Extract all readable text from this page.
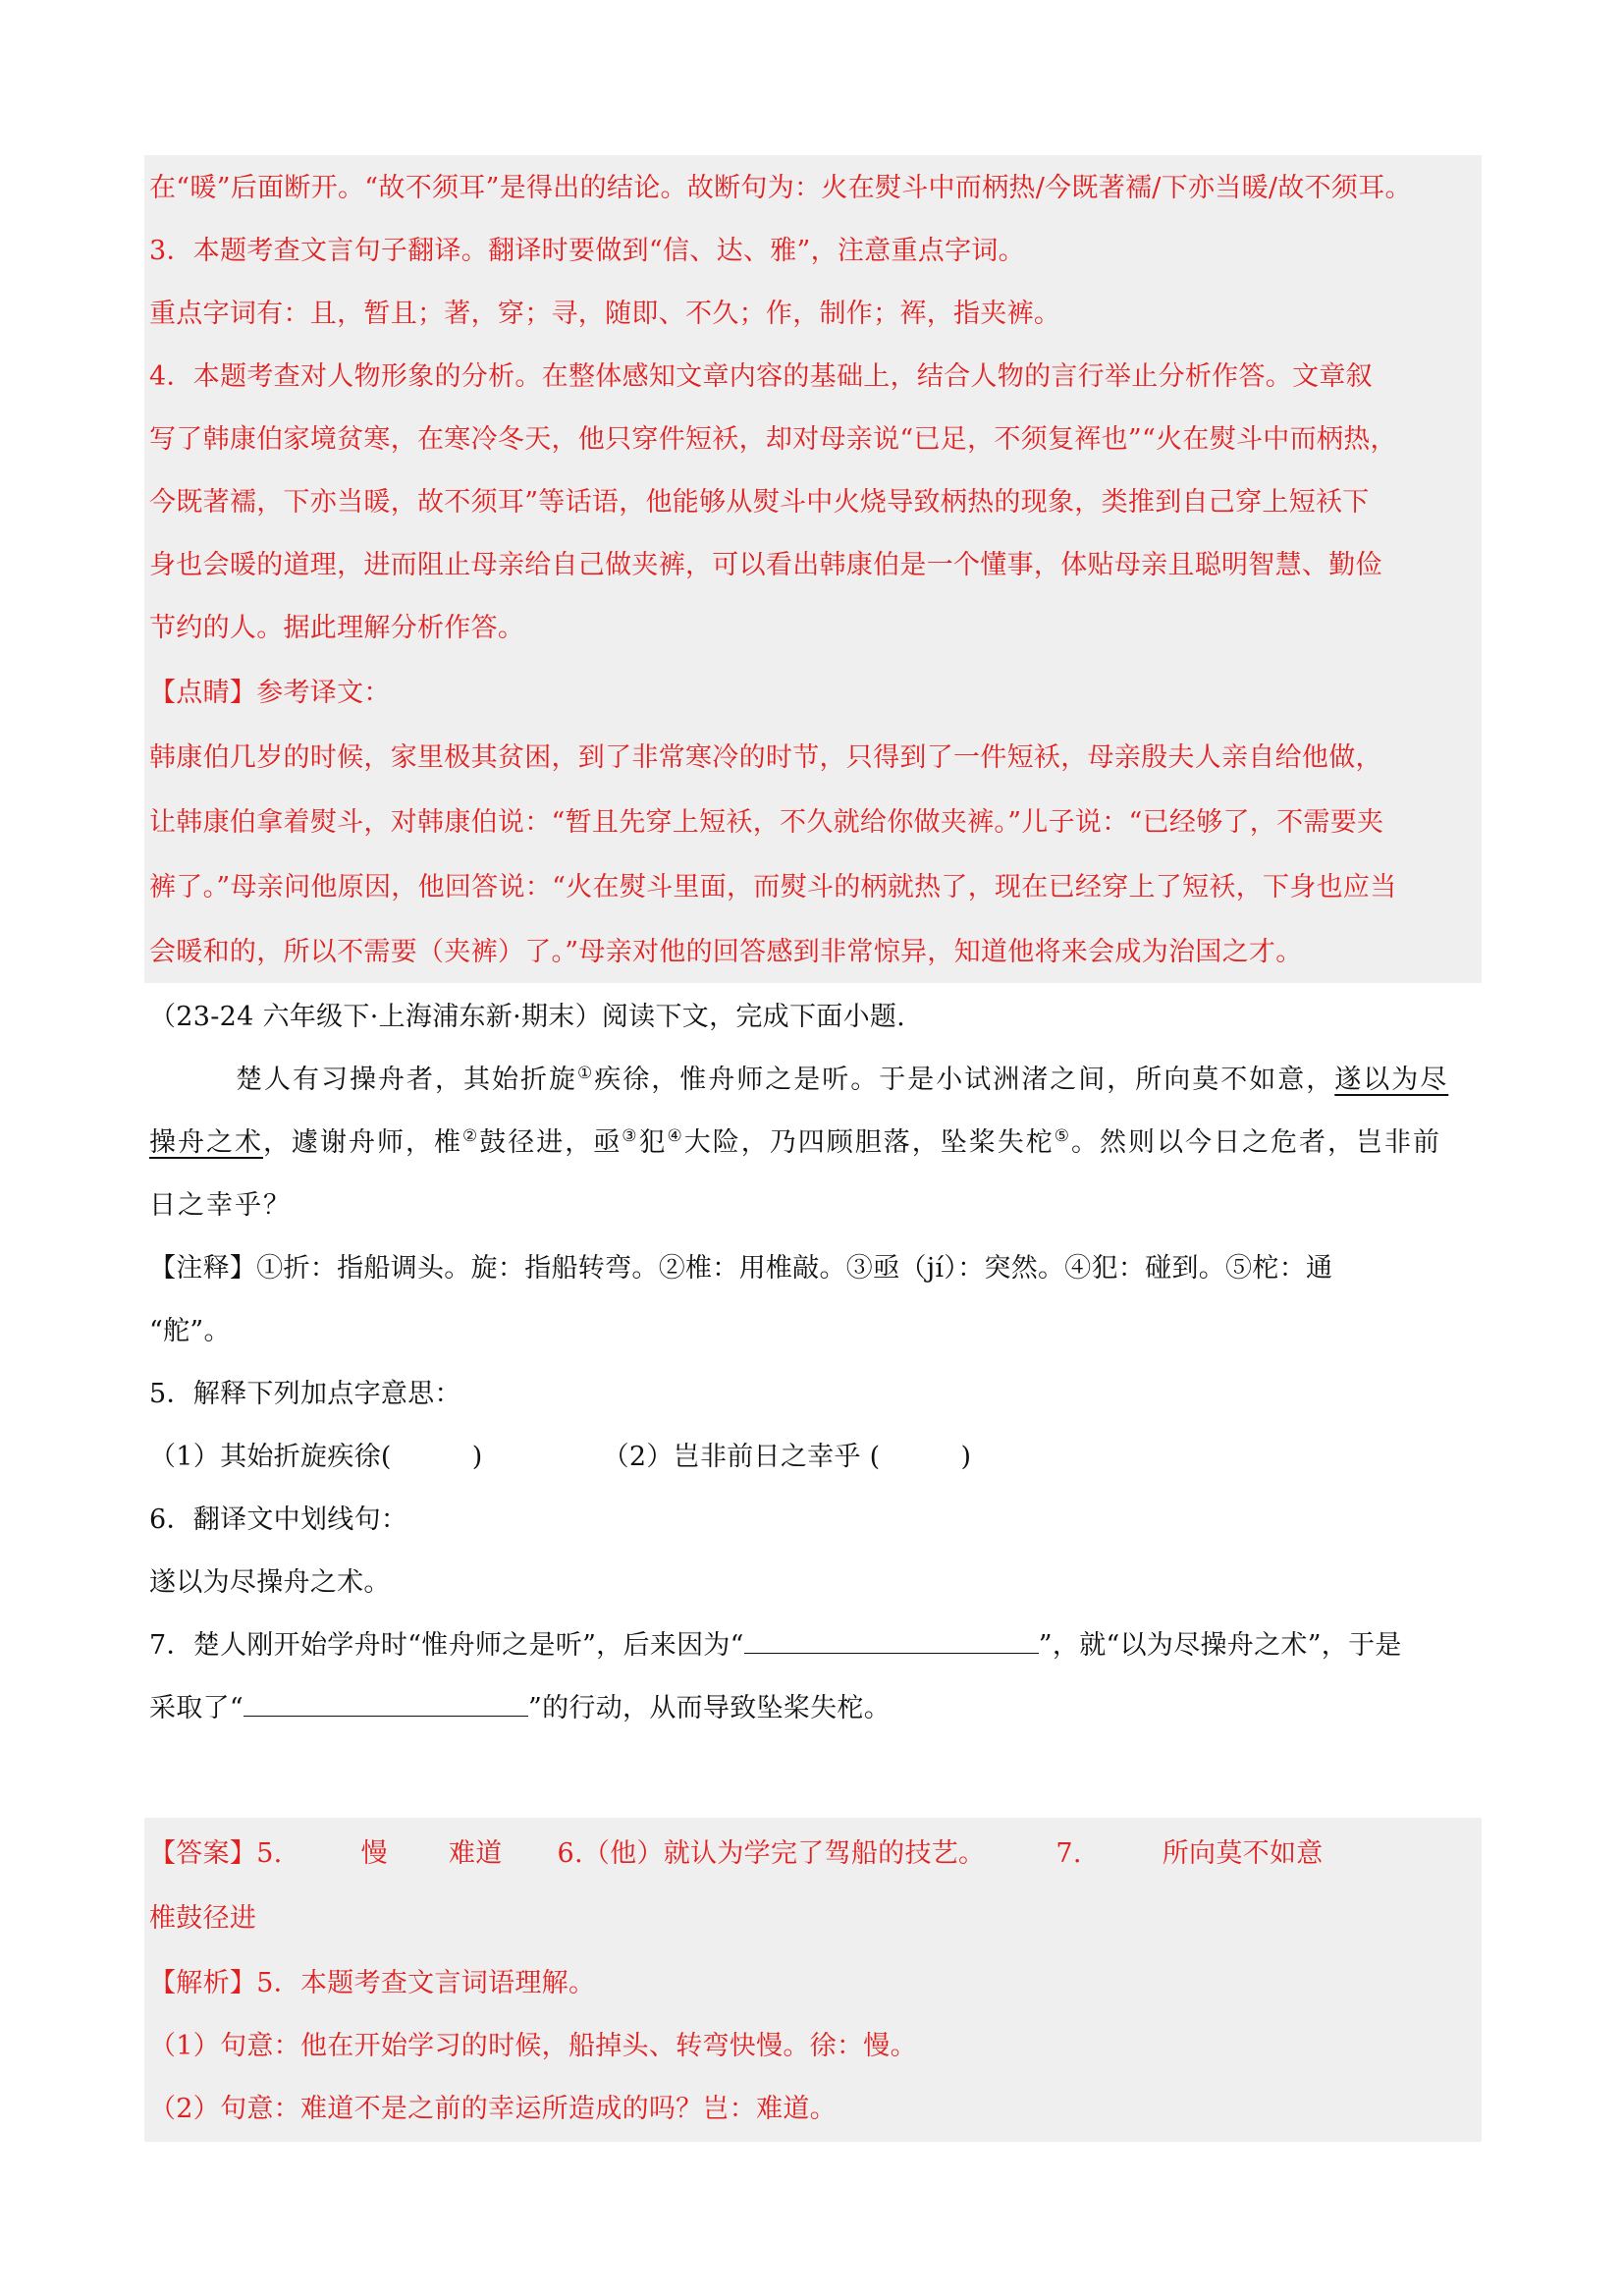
在“暖”后面断开。“故不须耳”是得出的结论。故断句为：火在熨斗中而柄热/今既著襦/下亦当暖/故不须耳。
3．本题考查文言句子翻译。翻译时要做到“信、达、雅”，注意重点字词。
重点字词有：且，暂且；著，穿；寻，随即、不久；作，制作；裈，指夹裤。
4．本题考查对人物形象的分析。在整体感知文章内容的基础上，结合人物的言行举止分析作答。文章叙
写了韩康伯家境贫寒，在寒冷冬天，他只穿件短袄，却对母亲说“已足，不须复裈也”“火在熨斗中而柄热，
今既著襦，下亦当暖，故不须耳”等话语，他能够从熨斗中火烧导致柄热的现象，类推到自己穿上短袄下
身也会暖的道理，进而阻止母亲给自己做夹裤，可以看出韩康伯是一个懂事，体贴母亲且聪明智慧、勤俭
节约的人。据此理解分析作答。
【点睛】参考译文：
韩康伯几岁的时候，家里极其贫困，到了非常寒冷的时节，只得到了一件短袄，母亲殷夫人亲自给他做，
让韩康伯拿着熨斗，对韩康伯说：“暂且先穿上短袄，不久就给你做夹裤。”儿子说：“已经够了，不需要夹
裤了。”母亲问他原因，他回答说：“火在熨斗里面，而熨斗的柄就热了，现在已经穿上了短袄，下身也应当
会暖和的，所以不需要（夹裤）了。”母亲对他的回答感到非常惊异，知道他将来会成为治国之才。
（23-24 六年级下·上海浦东新·期末）阅读下文，完成下面小题.
楚人有习操舟者，其始折旋①疾徐，惟舟师之是听。于是小试洲渚之间，所向莫不如意，遂以为尽
操舟之术，遽谢舟师，椎②鼓径进，亟③犯④大险，乃四顾胆落，坠桨失柁⑤。然则以今日之危者，岂非前
日之幸乎？
【注释】①折：指船调头。旋：指船转弯。②椎：用椎敲。③亟（jí）：突然。④犯：碰到。⑤柁：通
“舵”。
5．解释下列加点字意思：
（1）其始折旋疾徐(	)	（2）岂非前日之幸乎 (	)
6．翻译文中划线句：
遂以为尽操舟之术。
7．楚人刚开始学舟时“惟舟师之是听”，后来因为“	”，就“以为尽操舟之术”，于是
采取了“	”的行动，从而导致坠桨失柁。
【答案】5.	慢 难道 6.（他）就认为学完了驾船的技艺。	7.	所向莫不如意
椎鼓径进
【解析】5．本题考查文言词语理解。
（1）句意：他在开始学习的时候，船掉头、转弯快慢。徐：慢。
（2）句意：难道不是之前的幸运所造成的吗？岂：难道。
